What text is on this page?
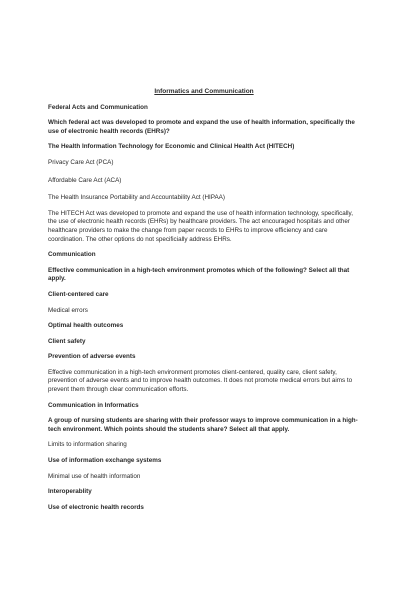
Informatics and Communication
Federal Acts and Communication
Which federal act was developed to promote and expand the use of health information, specifically the use of electronic health records (EHRs)?
The Health Information Technology for Economic and Clinical Health Act (HITECH)
Privacy Care Act (PCA)
Affordable Care Act (ACA)
The Health Insurance Portability and Accountability Act (HIPAA)
The HITECH Act was developed to promote and expand the use of health information technology, specifically, the use of electronic health records (EHRs) by healthcare providers. The act encouraged hospitals and other healthcare providers to make the change from paper records to EHRs to improve efficiency and care coordination. The other options do not specificially address EHRs.
Communication
Effective communication in a high-tech environment promotes which of the following? Select all that apply.
Client-centered care
Medical errors
Optimal health outcomes
Client safety
Prevention of adverse events
Effective communication in a high-tech environment promotes client-centered, quality care, client safety, prevention of adverse events and to improve health outcomes. It does not promote medical errors but aims to prevent them through clear communication efforts.
Communication in Informatics
A group of nursing students are sharing with their professor ways to improve communication in a high-tech environment. Which points should the students share? Select all that apply.
Limits to information sharing
Use of information exchange systems
Minimal use of health information
Interoperablity
Use of electronic health records
